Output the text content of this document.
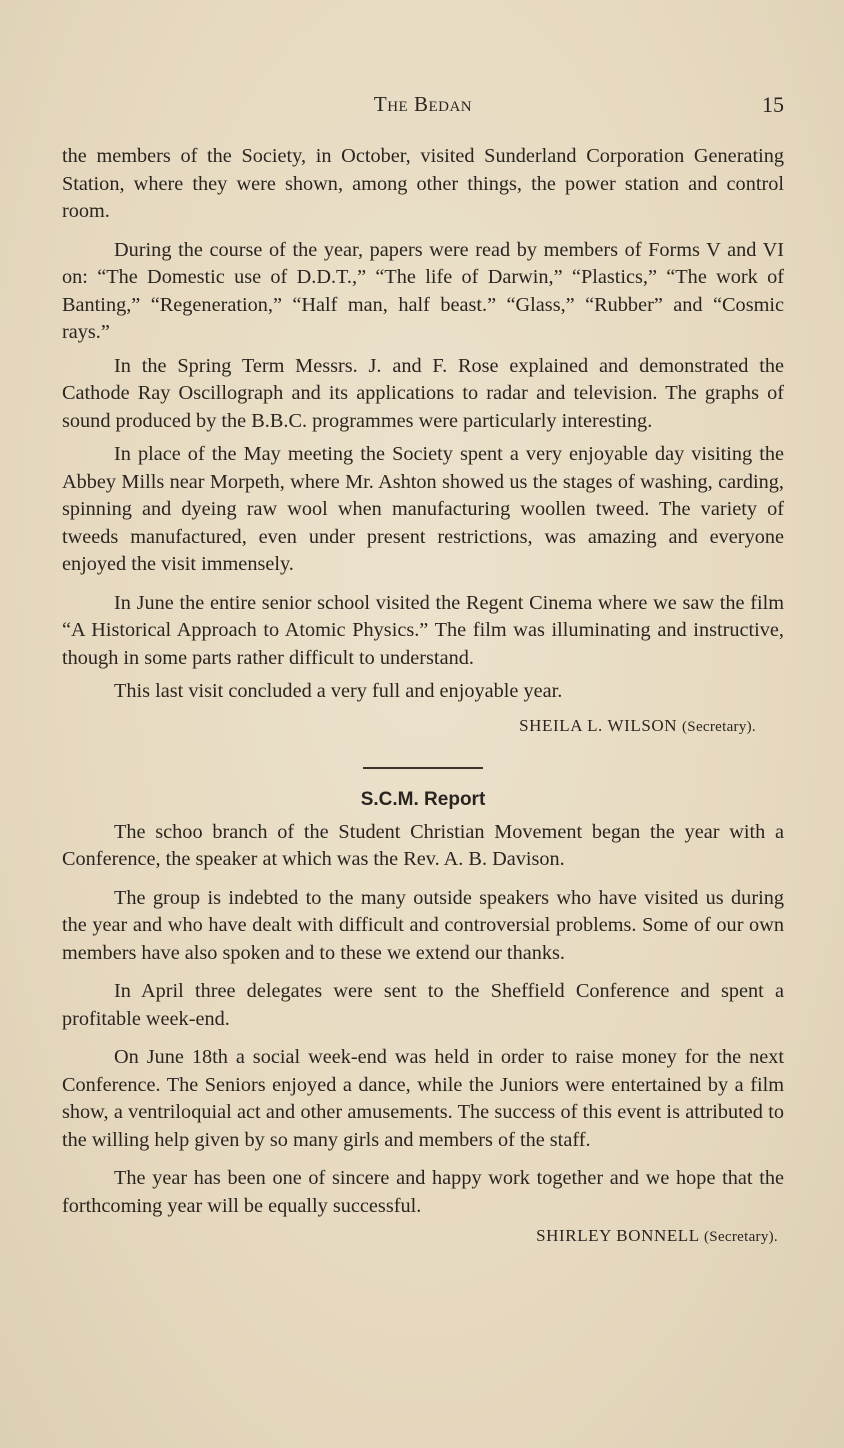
The Bedan	15

the members of the Society, in October, visited Sunderland Corporation Generating Station, where they were shown, among other things, the power station and control room.

During the course of the year, papers were read by members of Forms V and VI on: “The Domestic use of D.D.T.,” “The life of Darwin,” “Plastics,” “The work of Banting,” “Regeneration,” “Half man, half beast.” “Glass,” “Rubber” and “Cosmic rays.”

In the Spring Term Messrs. J. and F. Rose explained and demonstrated the Cathode Ray Oscillograph and its applications to radar and television. The graphs of sound produced by the B.B.C. programmes were particularly interesting.

In place of the May meeting the Society spent a very enjoyable day visiting the Abbey Mills near Morpeth, where Mr. Ashton showed us the stages of washing, carding, spinning and dyeing raw wool when manufacturing woollen tweed. The variety of tweeds manufactured, even under present restrictions, was amazing and everyone enjoyed the visit immensely.

In June the entire senior school visited the Regent Cinema where we saw the film “A Historical Approach to Atomic Physics.” The film was illuminating and instructive, though in some parts rather difficult to understand.

This last visit concluded a very full and enjoyable year.

SHEILA L. WILSON (Secretary).
S.C.M. Report

The schoo branch of the Student Christian Movement began the year with a Conference, the speaker at which was the Rev. A. B. Davison.

The group is indebted to the many outside speakers who have visited us during the year and who have dealt with difficult and controversial problems. Some of our own members have also spoken and to these we extend our thanks.

In April three delegates were sent to the Sheffield Conference and spent a profitable week-end.

On June 18th a social week-end was held in order to raise money for the next Conference. The Seniors enjoyed a dance, while the Juniors were entertained by a film show, a ventriloquial act and other amusements. The success of this event is attributed to the willing help given by so many girls and members of the staff.

The year has been one of sincere and happy work together and we hope that the forthcoming year will be equally successful.

SHIRLEY BONNELL (Secretary).
